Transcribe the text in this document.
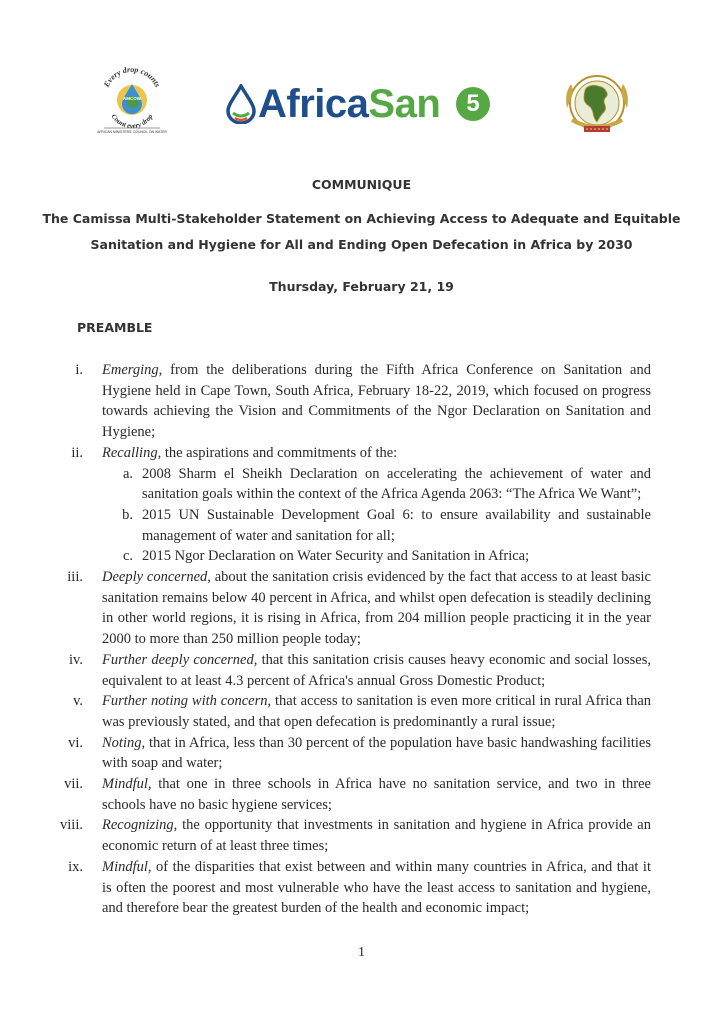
Every drop counts
AMCOW
Count every drop
AFRICAN MINISTERS' COUNCIL ON WATER
AfricaSan	5
COMMUNIQUE
The Camissa Multi-Stakeholder Statement on Achieving Access to Adequate and Equitable
Sanitation and Hygiene for All and Ending Open Defecation in Africa by 2030
Thursday, February 21, 19
PREAMBLE
i. Emerging, from the deliberations during the Fifth Africa Conference on Sanitation and Hygiene held in Cape Town, South Africa, February 18-22, 2019, which focused on progress towards achieving the Vision and Commitments of the Ngor Declaration on Sanitation and Hygiene;
ii. Recalling, the aspirations and commitments of the:
a. 2008 Sharm el Sheikh Declaration on accelerating the achievement of water and sanitation goals within the context of the Africa Agenda 2063: “The Africa We Want”;
b. 2015 UN Sustainable Development Goal 6: to ensure availability and sustainable management of water and sanitation for all;
c. 2015 Ngor Declaration on Water Security and Sanitation in Africa;
iii. Deeply concerned, about the sanitation crisis evidenced by the fact that access to at least basic sanitation remains below 40 percent in Africa, and whilst open defecation is steadily declining in other world regions, it is rising in Africa, from 204 million people practicing it in the year 2000 to more than 250 million people today;
iv. Further deeply concerned, that this sanitation crisis causes heavy economic and social losses, equivalent to at least 4.3 percent of Africa's annual Gross Domestic Product;
v. Further noting with concern, that access to sanitation is even more critical in rural Africa than was previously stated, and that open defecation is predominantly a rural issue;
vi. Noting, that in Africa, less than 30 percent of the population have basic handwashing facilities with soap and water;
vii. Mindful, that one in three schools in Africa have no sanitation service, and two in three schools have no basic hygiene services;
viii. Recognizing, the opportunity that investments in sanitation and hygiene in Africa provide an economic return of at least three times;
ix. Mindful, of the disparities that exist between and within many countries in Africa, and that it is often the poorest and most vulnerable who have the least access to sanitation and hygiene, and therefore bear the greatest burden of the health and economic impact;
1
